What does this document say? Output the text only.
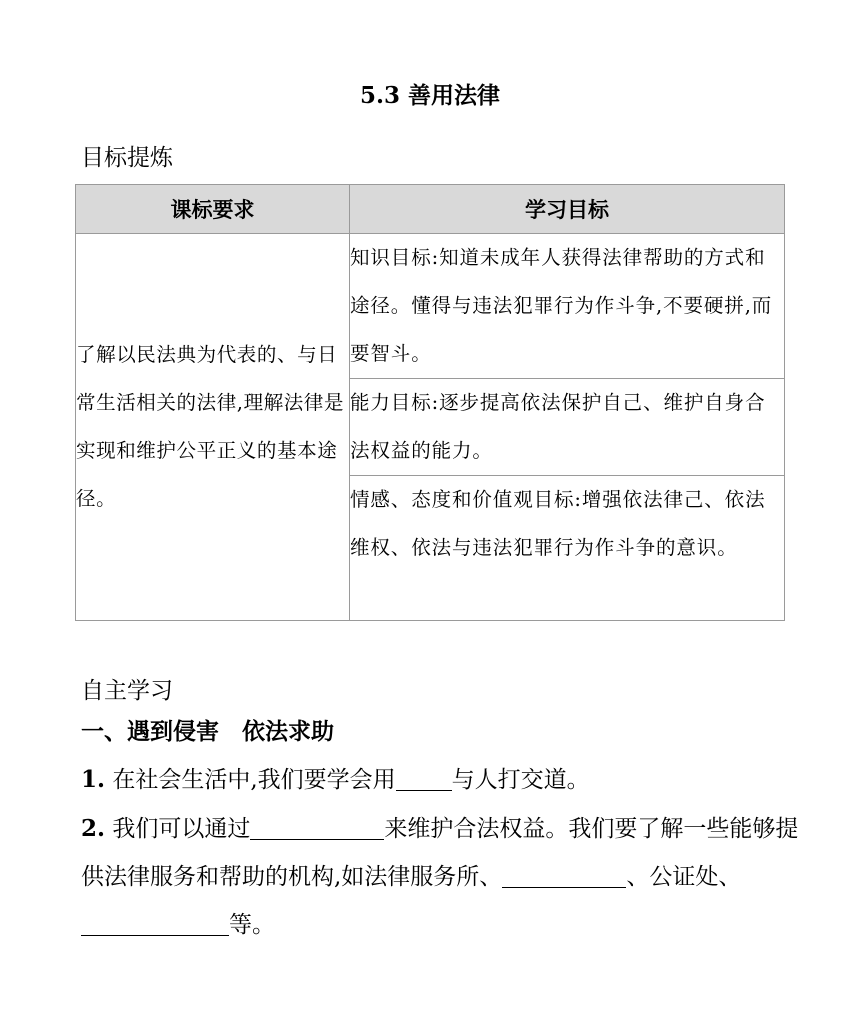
5.3 善用法律
目标提炼
课标要求	学习目标
了解以民法典为代表的、与日常生活相关的法律,理解法律是实现和维护公平正义的基本途径。	知识目标:知道未成年人获得法律帮助的方式和途径。懂得与违法犯罪行为作斗争,不要硬拼,而要智斗。
	能力目标:逐步提高依法保护自己、维护自身合法权益的能力。
	情感、态度和价值观目标:增强依法律己、依法维权、依法与违法犯罪行为作斗争的意识。
自主学习
一、遇到侵害　依法求助
1. 在社会生活中,我们要学会用 与人打交道。
2. 我们可以通过	来维护合法权益。我们要了解一些能够提供法律服务和帮助的机构,如法律服务所、	、公证处、等。
